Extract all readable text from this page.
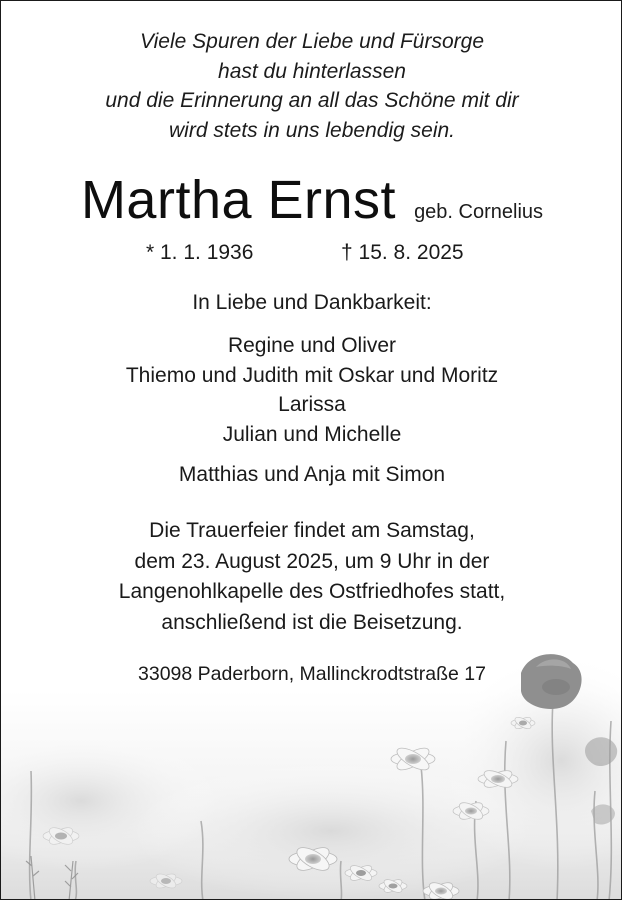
Viele Spuren der Liebe und Fürsorge
hast du hinterlassen
und die Erinnerung an all das Schöne mit dir
wird stets in uns lebendig sein.
Martha Ernst geb. Cornelius
* 1. 1. 1936	† 15. 8. 2025
In Liebe und Dankbarkeit:
Regine und Oliver
Thiemo und Judith mit Oskar und Moritz
Larissa
Julian und Michelle
Matthias und Anja mit Simon
Die Trauerfeier findet am Samstag,
dem 23. August 2025, um 9 Uhr in der
Langenohlkapelle des Ostfriedhofes statt,
anschließend ist die Beisetzung.
33098 Paderborn, Mallinckrodtstraße 17
